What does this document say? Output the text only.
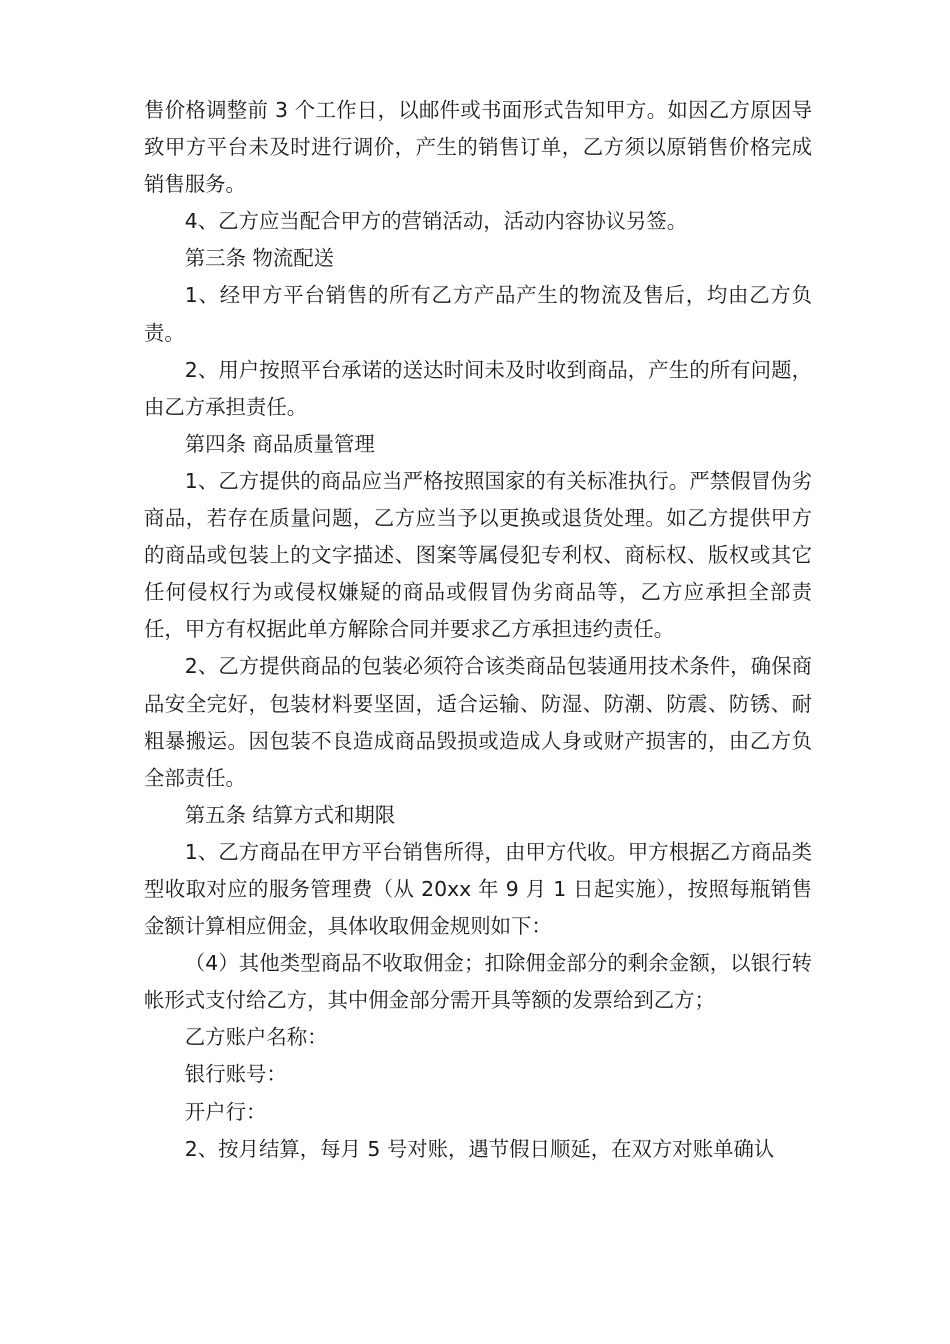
售价格调整前 3 个工作日，以邮件或书面形式告知甲方。如因乙方原因导致甲方平台未及时进行调价，产生的销售订单，乙方须以原销售价格完成销售服务。

4、乙方应当配合甲方的营销活动，活动内容协议另签。

第三条 物流配送

1、经甲方平台销售的所有乙方产品产生的物流及售后，均由乙方负责。

2、用户按照平台承诺的送达时间未及时收到商品，产生的所有问题，由乙方承担责任。

第四条 商品质量管理

1、乙方提供的商品应当严格按照国家的有关标准执行。严禁假冒伪劣商品，若存在质量问题，乙方应当予以更换或退货处理。如乙方提供甲方的商品或包装上的文字描述、图案等属侵犯专利权、商标权、版权或其它任何侵权行为或侵权嫌疑的商品或假冒伪劣商品等，乙方应承担全部责任，甲方有权据此单方解除合同并要求乙方承担违约责任。

2、乙方提供商品的包装必须符合该类商品包装通用技术条件，确保商品安全完好，包装材料要坚固，适合运输、防湿、防潮、防震、防锈、耐粗暴搬运。因包装不良造成商品毁损或造成人身或财产损害的，由乙方负全部责任。

第五条 结算方式和期限

1、乙方商品在甲方平台销售所得，由甲方代收。甲方根据乙方商品类型收取对应的服务管理费（从 20xx 年 9 月 1 日起实施），按照每瓶销售金额计算相应佣金，具体收取佣金规则如下：

（4）其他类型商品不收取佣金；扣除佣金部分的剩余金额，以银行转帐形式支付给乙方，其中佣金部分需开具等额的发票给到乙方；

乙方账户名称：

银行账号：

开户行：

2、按月结算，每月 5 号对账，遇节假日顺延，在双方对账单确认
